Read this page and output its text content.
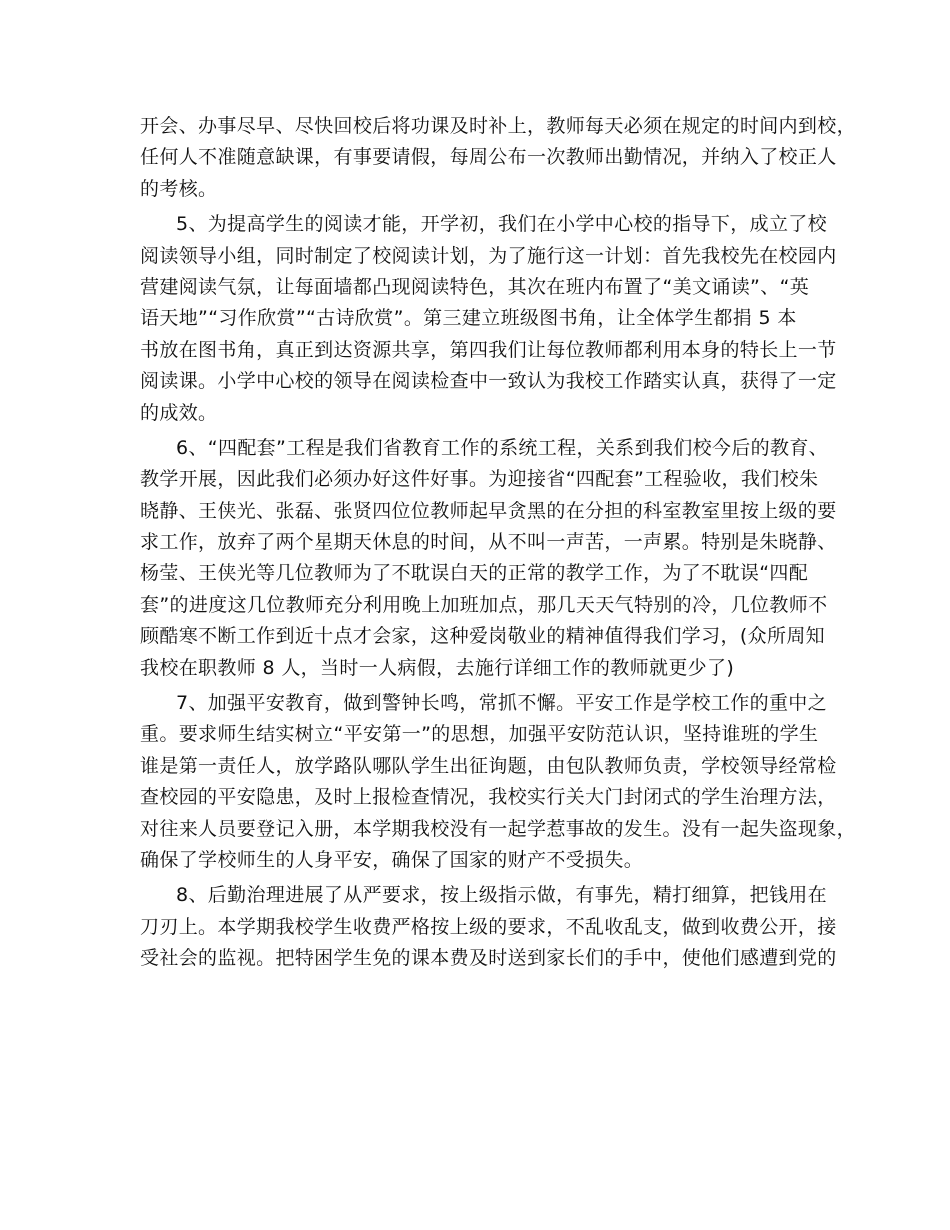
开会、办事尽早、尽快回校后将功课及时补上，教师每天必须在规定的时间内到校，
任何人不准随意缺课，有事要请假，每周公布一次教师出勤情况，并纳入了校正人
的考核。
5、为提高学生的阅读才能，开学初，我们在小学中心校的指导下，成立了校
阅读领导小组，同时制定了校阅读计划，为了施行这一计划：首先我校先在校园内
营建阅读气氛，让每面墙都凸现阅读特色，其次在班内布置了“美文诵读”、“英
语天地”“习作欣赏”“古诗欣赏”。第三建立班级图书角，让全体学生都捐 5 本
书放在图书角，真正到达资源共享，第四我们让每位教师都利用本身的特长上一节
阅读课。小学中心校的领导在阅读检查中一致认为我校工作踏实认真，获得了一定
的成效。
6、“四配套”工程是我们省教育工作的系统工程，关系到我们校今后的教育、
教学开展，因此我们必须办好这件好事。为迎接省“四配套”工程验收，我们校朱
晓静、王侠光、张磊、张贤四位位教师起早贪黑的在分担的科室教室里按上级的要
求工作，放弃了两个星期天休息的时间，从不叫一声苦，一声累。特别是朱晓静、
杨莹、王侠光等几位教师为了不耽误白天的正常的教学工作，为了不耽误“四配
套”的进度这几位教师充分利用晚上加班加点，那几天天气特别的冷，几位教师不
顾酷寒不断工作到近十点才会家，这种爱岗敬业的精神值得我们学习，(众所周知
我校在职教师 8 人，当时一人病假，去施行详细工作的教师就更少了)
7、加强平安教育，做到警钟长鸣，常抓不懈。平安工作是学校工作的重中之
重。要求师生结实树立“平安第一”的思想，加强平安防范认识，坚持谁班的学生
谁是第一责任人，放学路队哪队学生出征询题，由包队教师负责，学校领导经常检
查校园的平安隐患，及时上报检查情况，我校实行关大门封闭式的学生治理方法，
对往来人员要登记入册，本学期我校没有一起学惹事故的发生。没有一起失盗现象，
确保了学校师生的人身平安，确保了国家的财产不受损失。
8、后勤治理进展了从严要求，按上级指示做，有事先，精打细算，把钱用在
刀刃上。本学期我校学生收费严格按上级的要求，不乱收乱支，做到收费公开，接
受社会的监视。把特困学生免的课本费及时送到家长们的手中，使他们感遭到党的
